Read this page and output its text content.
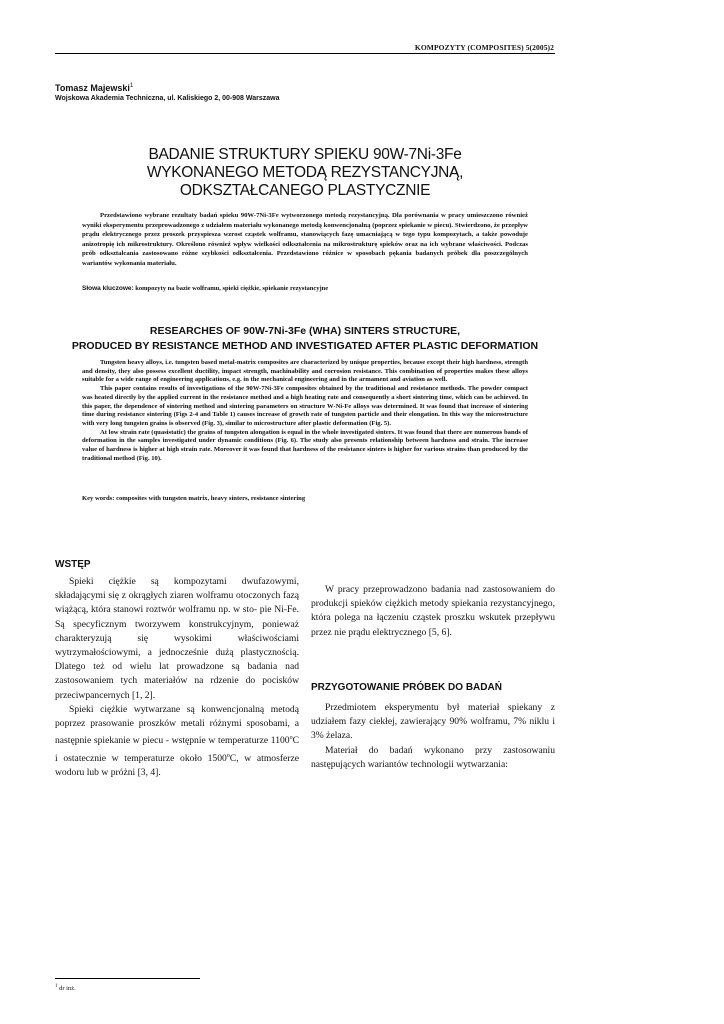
KOMPOZYTY (COMPOSITES) 5(2005)2
Tomasz Majewski$^1$
Wojskowa Akademia Techniczna, ul. Kaliskiego 2, 00-908 Warszawa
BADANIE STRUKTURY SPIEKU 90W-7Ni-3Fe
WYKONANEGO METODĄ REZYSTANCYJNĄ,
ODKSZTAŁCANEGO PLASTYCZNIE
Przedstawiono wybrane rezultaty badań spieku 90W-7Ni-3Fe wytworzonego metodą rezystancyjną. Dla porównania w pracy umieszczono również wyniki eksperymentu przeprowadzonego z udziałem materiału wykonanego metodą konwencjonalną (poprzez spiekanie w piecu). Stwierdzono, że przepływ prądu elektrycznego przez proszek przyspiesza wzrost cząstek wolframu, stanowiących fazę umacniającą w tego typu kompozytach, a także powoduje anizotropię ich mikrostruktury. Określono również wpływ wielkości odkształcenia na mikrostrukturę spieków oraz na ich wybrane właściwości. Podczas prób odkształcania zastosowano różne szybkości odkształcenia. Przedstawiono różnice w sposobach pękania badanych próbek dla poszczególnych wariantów wykonania materiału.
Słowa kluczowe: kompozyty na bazie wolframu, spieki ciężkie, spiekanie rezystancyjne
RESEARCHES OF 90W-7Ni-3Fe (WHA) SINTERS STRUCTURE,
PRODUCED BY RESISTANCE METHOD AND INVESTIGATED AFTER PLASTIC DEFORMATION

Tungsten heavy alloys, i.e. tungsten based metal-matrix composites are characterized by unique properties, because except their high hardness, strength and density, they also possess excellent ductility, impact strength, machinability and corrosion resistance. This combination of properties makes these alloys suitable for a wide range of engineering applications, e.g. in the mechanical engineering and in the armament and aviation as well.

This paper contains results of investigations of the 90W-7Ni-3Fe composites obtained by the traditional and resistance methods. The powder compact was heated directly by the applied current in the resistance method and a high heating rate and consequently a short sintering time, which can be achieved. In this paper, the dependence of sintering method and sintering parameters on structure W-Ni-Fe alloys was determined. It was found that increase of sintering time during resistance sintering (Figs 2-4 and Table 1) causes increase of growth rate of tungsten particle and their elongation. In this way the microstructure with very long tungsten grains is observed (Fig. 3), similar to microstructure after plastic deformation (Fig. 5).

At low strain rate (quasistatic) the grains of tungsten alongation is equal in the whole investigated sinters. It was found that there are numerous bands of deformation in the samples investigated under dynamic conditions (Fig. 6). The study also presents relationship between hardness and strain. The increase value of hardness is higher at high strain rate. Moreover it was found that hardness of the resistance sinters is higher for various strains than produced by the traditional method (Fig. 10).

Key words: composites with tungsten matrix, heavy sinters, resistance sintering
WSTĘP

Spieki ciężkie są kompozytami dwufazowymi, składającymi się z okrągłych ziaren wolframu otoczonych fazą wiążącą, która stanowi roztwór wolframu np. w sto- pie Ni-Fe. Są specyficznym tworzywem konstrukcyjnym, ponieważ charakteryzują się wysokimi właściwościami wytrzymałościowymi, a jednocześnie dużą plastycznością. Dlatego też od wielu lat prowadzone są badania nad zastosowaniem tych materiałów na rdzenie do pocisków przeciwpancernych [1, 2].

Spieki ciężkie wytwarzane są konwencjonalną metodą poprzez prasowanie proszków metali różnymi sposobami, a następnie spiekanie w piecu - wstępnie w temperaturze 1100$^o$C i ostatecznie w temperaturze około 1500$^o$C, w atmosferze wodoru lub w próżni [3, 4].

W pracy przeprowadzono badania nad zastosowaniem do produkcji spieków ciężkich metody spiekania rezystancyjnego, która polega na łączeniu cząstek proszku wskutek przepływu przez nie prądu elektrycznego [5, 6].

PRZYGOTOWANIE PRÓBEK DO BADAŃ

Przedmiotem eksperymentu był materiał spiekany z udziałem fazy ciekłej, zawierający 90% wolframu, 7% niklu i 3% żelaza.

Materiał do badań wykonano przy zastosowaniu następujących wariantów technologii wytwarzania:

$^1$ dr inż.
